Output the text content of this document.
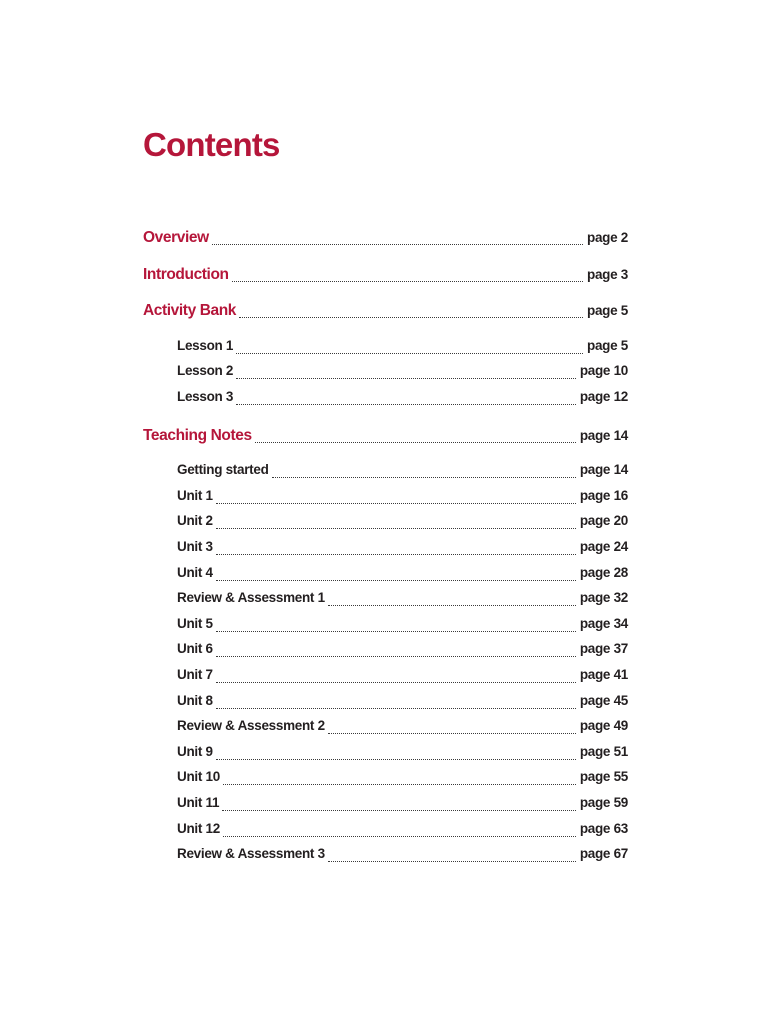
Contents
Overview	page 2
Introduction	page 3
Activity Bank	page 5
Lesson 1	page 5
Lesson 2	page 10
Lesson 3	page 12
Teaching Notes	page 14
Getting started	page 14
Unit 1	page 16
Unit 2	page 20
Unit 3	page 24
Unit 4	page 28
Review & Assessment 1	page 32
Unit 5	page 34
Unit 6	page 37
Unit 7	page 41
Unit 8	page 45
Review & Assessment 2	page 49
Unit 9	page 51
Unit 10	page 55
Unit 11	page 59
Unit 12	page 63
Review & Assessment 3	page 67
